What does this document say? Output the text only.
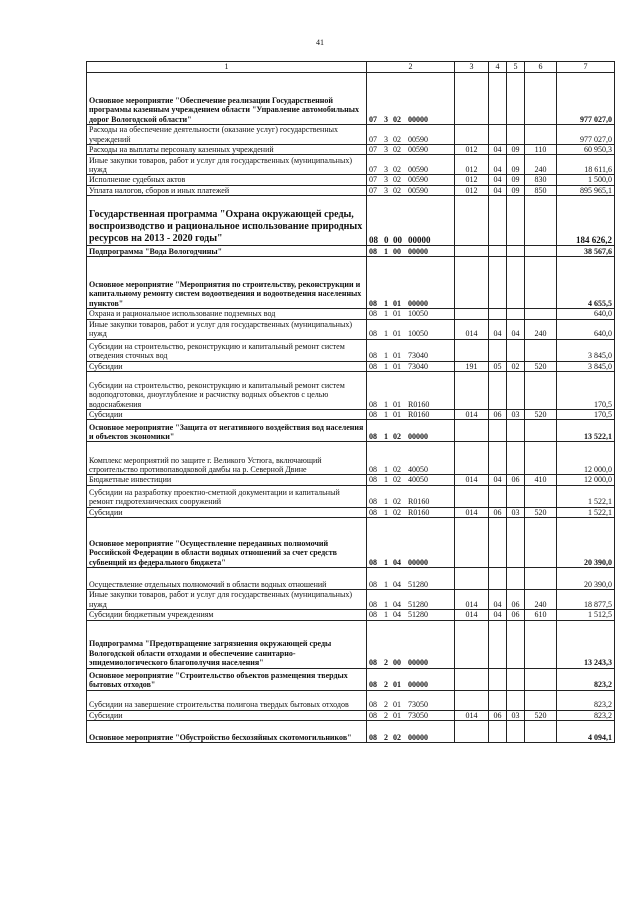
41
1	2	3	4	5	6	7
Основное мероприятие "Обеспечение реализации Государственной программы казенным учреждением области "Управление автомобильных дорог Вологодской области"	07 3 02 00000					977 027,0
Расходы на обеспечение деятельности (оказание услуг) государственных учреждений	07 3 02 00590					977 027,0
Расходы на выплаты персоналу казенных учреждений	07 3 02 00590	012	04	09	110	60 950,3
Иные закупки товаров, работ и услуг для государственных (муниципальных) нужд	07 3 02 00590	012	04	09	240	18 611,6
Исполнение судебных актов	07 3 02 00590	012	04	09	830	1 500,0
Уплата налогов, сборов и иных платежей	07 3 02 00590	012	04	09	850	895 965,1
Государственная программа "Охрана окружающей среды, воспроизводство и рациональное использование природных ресурсов на 2013 - 2020 годы"	08 0 00 00000					184 626,2
Подпрограмма "Вода Вологодчины"	08 1 00 00000					38 567,6
Основное мероприятие "Мероприятия по строительству, реконструкции и капитальному ремонту систем водоотведения и водоотведения населенных пунктов"	08 1 01 00000					4 655,5
Охрана и рациональное использование подземных вод	08 1 01 10050					640,0
Иные закупки товаров, работ и услуг для государственных (муниципальных) нужд	08 1 01 10050	014	04	04	240	640,0
Субсидии на строительство, реконструкцию и капитальный ремонт систем отведения сточных вод	08 1 01 73040					3 845,0
Субсидии	08 1 01 73040	191	05	02	520	3 845,0
Субсидии на строительство, реконструкцию и капитальный ремонт систем водоподготовки, дноуглубление и расчистку водных объектов с целью водоснабжения	08 1 01 R0160					170,5
Субсидии	08 1 01 R0160	014	06	03	520	170,5
Основное мероприятие "Защита от негативного воздействия вод населения и объектов экономики"	08 1 02 00000					13 522,1
Комплекс мероприятий по защите г. Великого Устюга, включающий строительство противопаводковой дамбы на р. Северной Двине	08 1 02 40050					12 000,0
Бюджетные инвестиции	08 1 02 40050	014	04	06	410	12 000,0
Субсидии на разработку проектно-сметной документации и капитальный ремонт гидротехнических сооружений	08 1 02 R0160					1 522,1
Субсидии	08 1 02 R0160	014	06	03	520	1 522,1
Основное мероприятие "Осуществление переданных полномочий Российской Федерации в области водных отношений за счет средств субвенций из федерального бюджета"	08 1 04 00000					20 390,0
Осуществление отдельных полномочий в области водных отношений	08 1 04 51280					20 390,0
Иные закупки товаров, работ и услуг для государственных (муниципальных) нужд	08 1 04 51280	014	04	06	240	18 877,5
Субсидии бюджетным учреждениям	08 1 04 51280	014	04	06	610	1 512,5
Подпрограмма "Предотвращение загрязнения окружающей среды Вологодской области отходами и обеспечение санитарно-эпидемиологического благополучия населения"	08 2 00 00000					13 243,3
Основное мероприятие "Строительство объектов размещения твердых бытовых отходов"	08 2 01 00000					823,2
Субсидии на завершение строительства полигона твердых бытовых отходов	08 2 01 73050					823,2
Субсидии	08 2 01 73050	014	06	03	520	823,2
Основное мероприятие "Обустройство бесхозяйных скотомогильников"	08 2 02 00000					4 094,1
